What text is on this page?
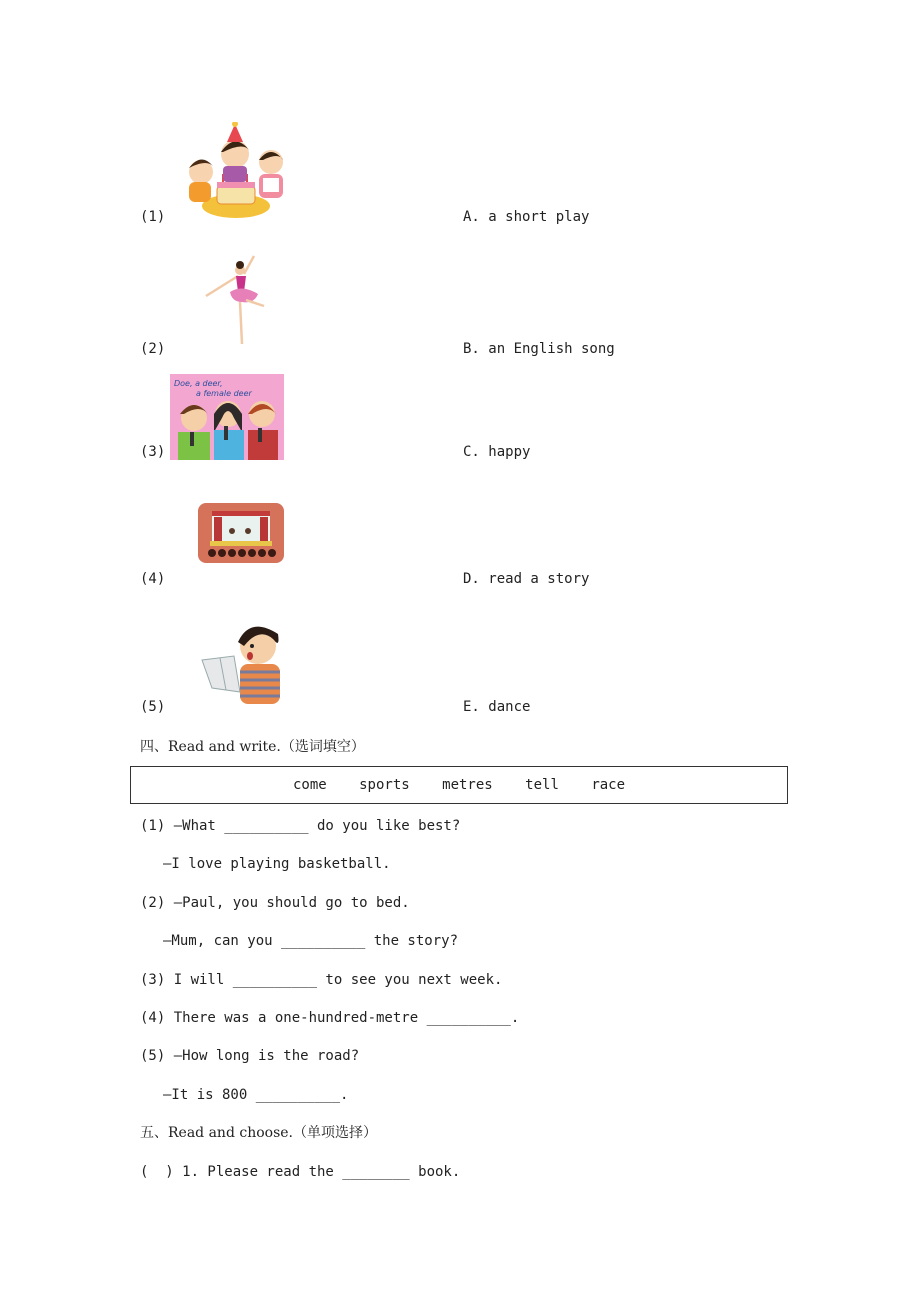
(1)
(2)
(3)
(4)
(5)
A. a short play
B. an English song
C. happy
D. read a story
E. dance
Doe, a deer,
a female deer
四、Read and write.（选词填空）
come sports metres tell race
(1) —What __________ do you like best?
—I love playing basketball.
(2) —Paul, you should go to bed.
—Mum, can you __________ the story?
(3) I will __________ to see you next week.
(4) There was a one-hundred-metre __________.
(5) —How long is the road?
—It is 800 __________.
五、Read and choose.（单项选择）
(  ) 1. Please read the ________ book.
